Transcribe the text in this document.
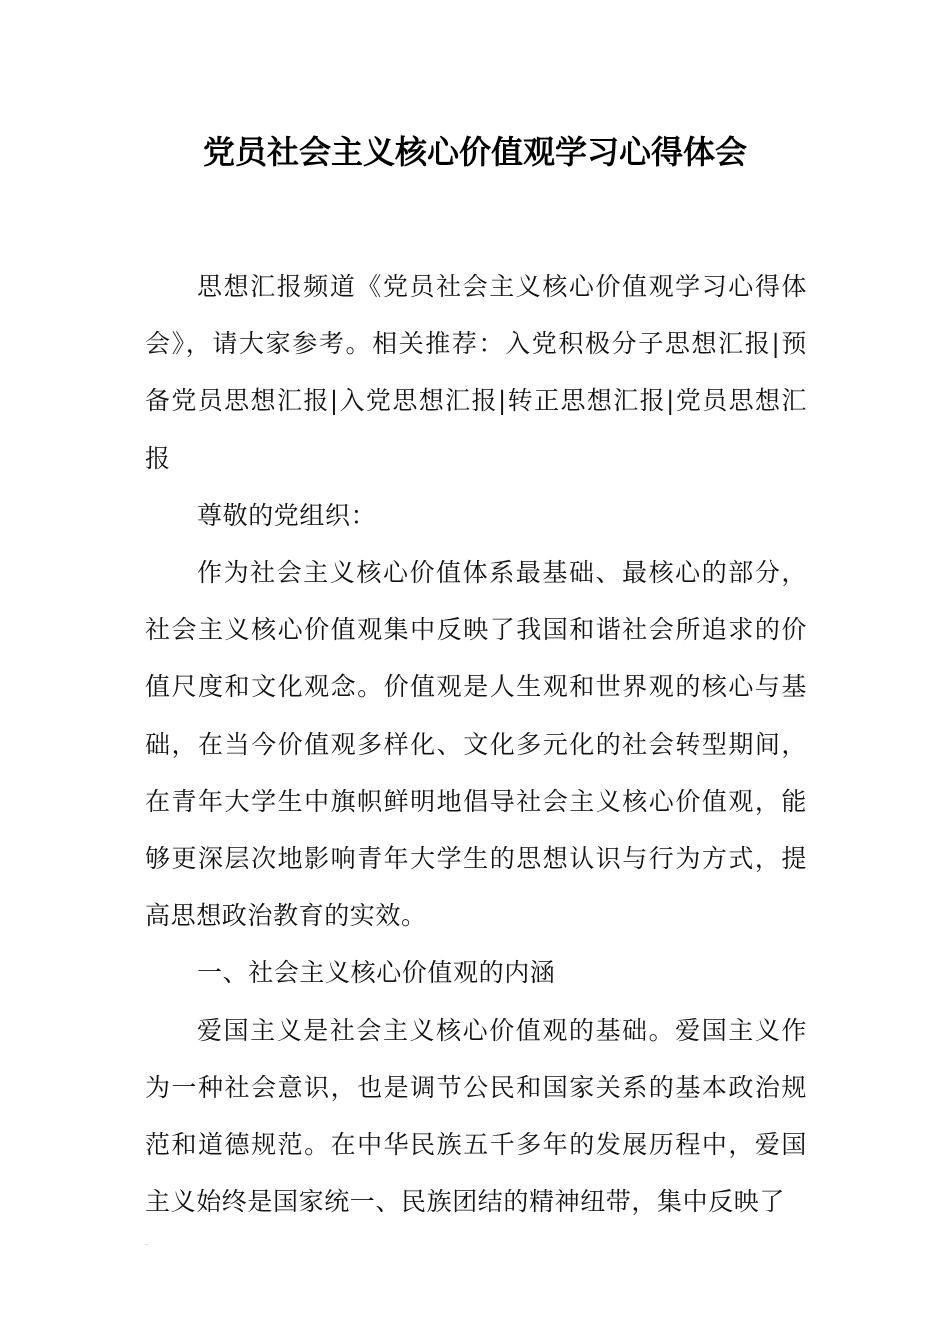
党员社会主义核心价值观学习心得体会

思想汇报频道《党员社会主义核心价值观学习心得体会》，请大家参考。相关推荐：入党积极分子思想汇报|预备党员思想汇报|入党思想汇报|转正思想汇报|党员思想汇报

尊敬的党组织：

作为社会主义核心价值体系最基础、最核心的部分，社会主义核心价值观集中反映了我国和谐社会所追求的价值尺度和文化观念。价值观是人生观和世界观的核心与基础，在当今价值观多样化、文化多元化的社会转型期间，在青年大学生中旗帜鲜明地倡导社会主义核心价值观，能够更深层次地影响青年大学生的思想认识与行为方式，提高思想政治教育的实效。

一、社会主义核心价值观的内涵

爱国主义是社会主义核心价值观的基础。爱国主义作为一种社会意识，也是调节公民和国家关系的基本政治规范和道德规范。在中华民族五千多年的发展历程中，爱国主义始终是国家统一、民族团结的精神纽带，集中反映了
